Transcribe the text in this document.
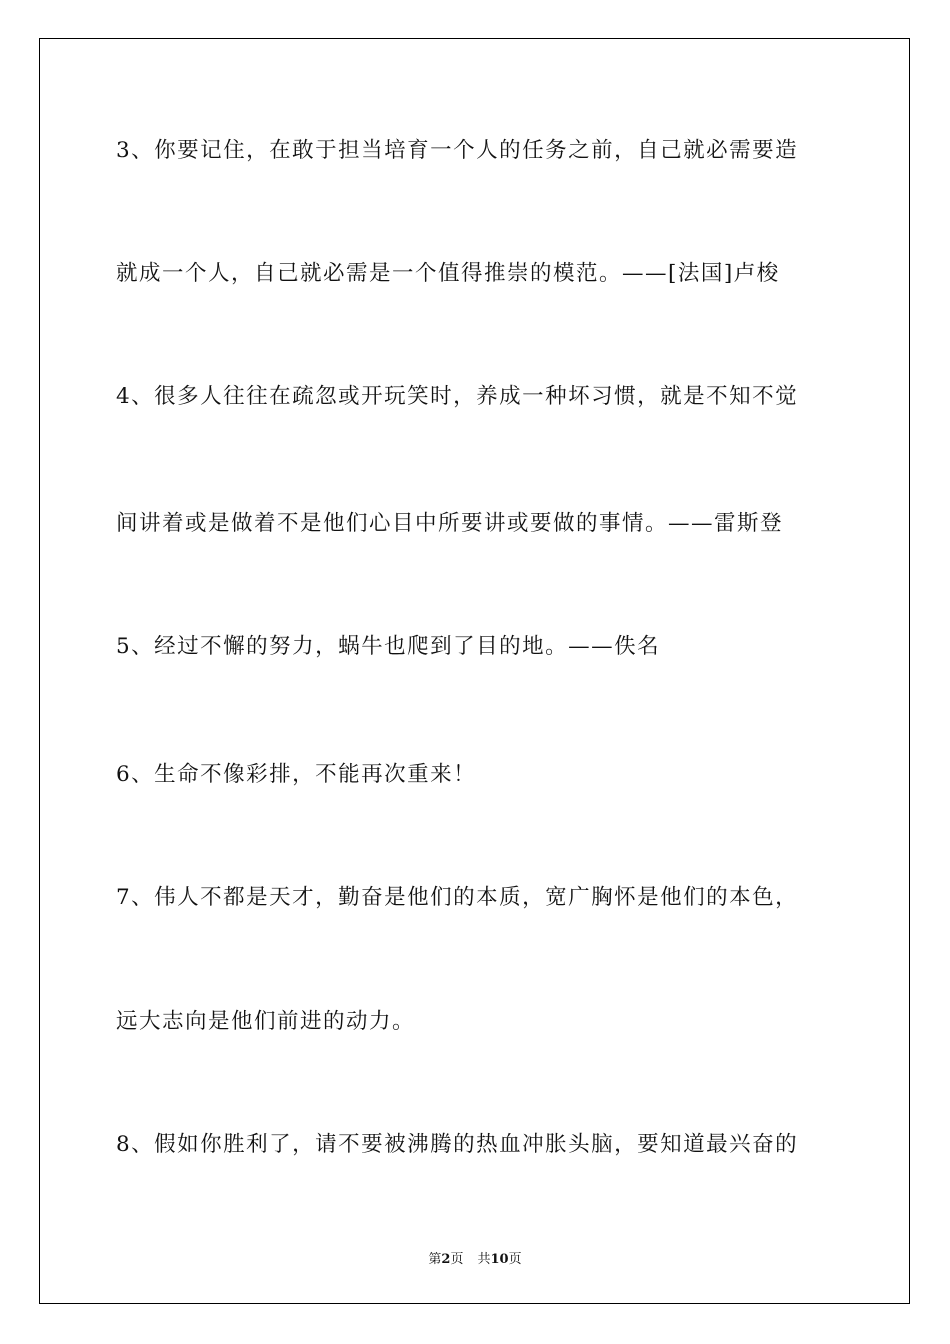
3、你要记住，在敢于担当培育一个人的任务之前，自己就必需要造
就成一个人，自己就必需是一个值得推崇的模范。——[法国]卢梭
4、很多人往往在疏忽或开玩笑时，养成一种坏习惯，就是不知不觉
间讲着或是做着不是他们心目中所要讲或要做的事情。——雷斯登
5、经过不懈的努力，蜗牛也爬到了目的地。——佚名
6、生命不像彩排，不能再次重来！
7、伟人不都是天才，勤奋是他们的本质，宽广胸怀是他们的本色，
远大志向是他们前进的动力。
8、假如你胜利了，请不要被沸腾的热血冲胀头脑，要知道最兴奋的
第2页 共10页
